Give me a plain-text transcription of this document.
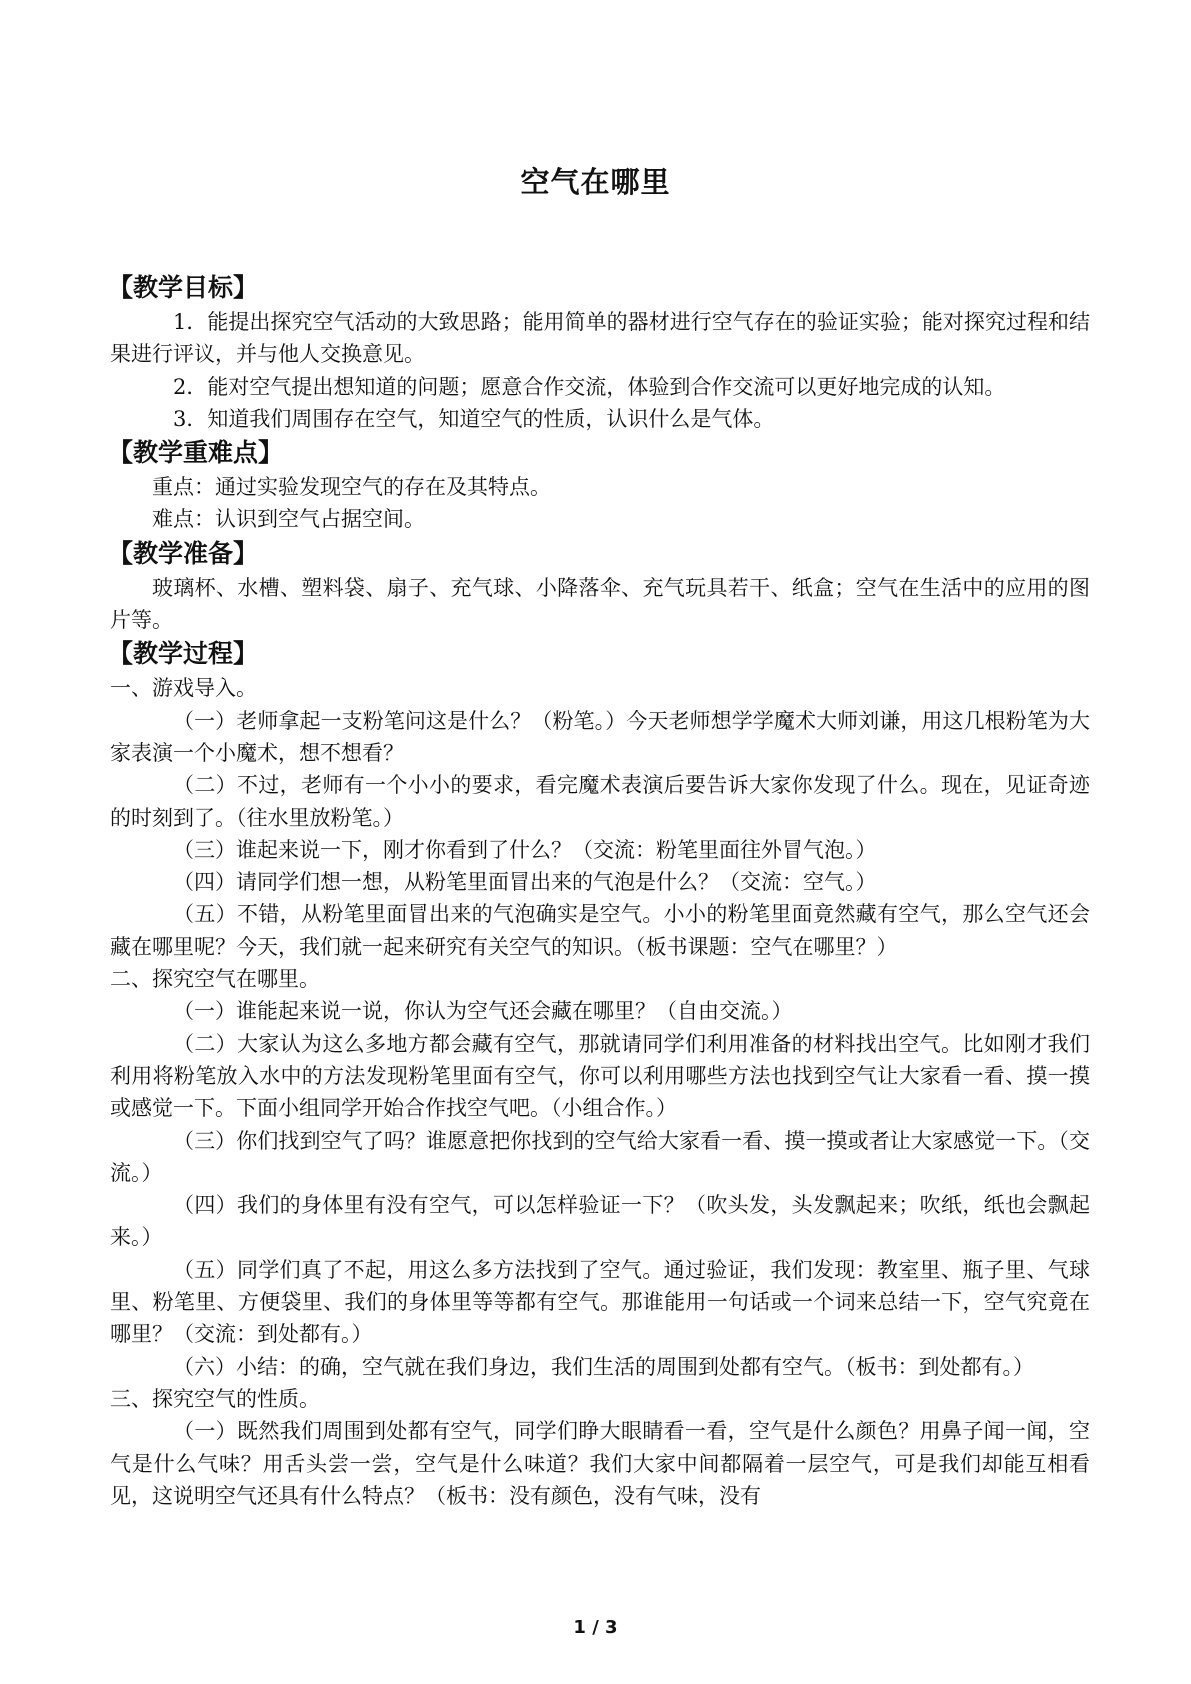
空气在哪里
【教学目标】

1．能提出探究空气活动的大致思路；能用简单的器材进行空气存在的验证实验；能对探究过程和结果进行评议，并与他人交换意见。

2．能对空气提出想知道的问题；愿意合作交流，体验到合作交流可以更好地完成的认知。

3．知道我们周围存在空气，知道空气的性质，认识什么是气体。

【教学重难点】

重点：通过实验发现空气的存在及其特点。

难点：认识到空气占据空间。

【教学准备】

玻璃杯、水槽、塑料袋、扇子、充气球、小降落伞、充气玩具若干、纸盒；空气在生活中的应用的图片等。

【教学过程】

一、游戏导入。

（一）老师拿起一支粉笔问这是什么？（粉笔。）今天老师想学学魔术大师刘谦，用这几根粉笔为大家表演一个小魔术，想不想看？

（二）不过，老师有一个小小的要求，看完魔术表演后要告诉大家你发现了什么。现在，见证奇迹的时刻到了。（往水里放粉笔。）

（三）谁起来说一下，刚才你看到了什么？（交流：粉笔里面往外冒气泡。）

（四）请同学们想一想，从粉笔里面冒出来的气泡是什么？（交流：空气。）

（五）不错，从粉笔里面冒出来的气泡确实是空气。小小的粉笔里面竟然藏有空气，那么空气还会藏在哪里呢？今天，我们就一起来研究有关空气的知识。（板书课题：空气在哪里？）

二、探究空气在哪里。

（一）谁能起来说一说，你认为空气还会藏在哪里？（自由交流。）

（二）大家认为这么多地方都会藏有空气，那就请同学们利用准备的材料找出空气。比如刚才我们利用将粉笔放入水中的方法发现粉笔里面有空气，你可以利用哪些方法也找到空气让大家看一看、摸一摸或感觉一下。下面小组同学开始合作找空气吧。（小组合作。）

（三）你们找到空气了吗？谁愿意把你找到的空气给大家看一看、摸一摸或者让大家感觉一下。（交流。）

（四）我们的身体里有没有空气，可以怎样验证一下？（吹头发，头发飘起来；吹纸，纸也会飘起来。）

（五）同学们真了不起，用这么多方法找到了空气。通过验证，我们发现：教室里、瓶子里、气球里、粉笔里、方便袋里、我们的身体里等等都有空气。那谁能用一句话或一个词来总结一下，空气究竟在哪里？（交流：到处都有。）

（六）小结：的确，空气就在我们身边，我们生活的周围到处都有空气。（板书：到处都有。）

三、探究空气的性质。

（一）既然我们周围到处都有空气，同学们睁大眼睛看一看，空气是什么颜色？用鼻子闻一闻，空气是什么气味？用舌头尝一尝，空气是什么味道？我们大家中间都隔着一层空气，可是我们却能互相看见，这说明空气还具有什么特点？（板书：没有颜色，没有气味，没有

1 / 3
